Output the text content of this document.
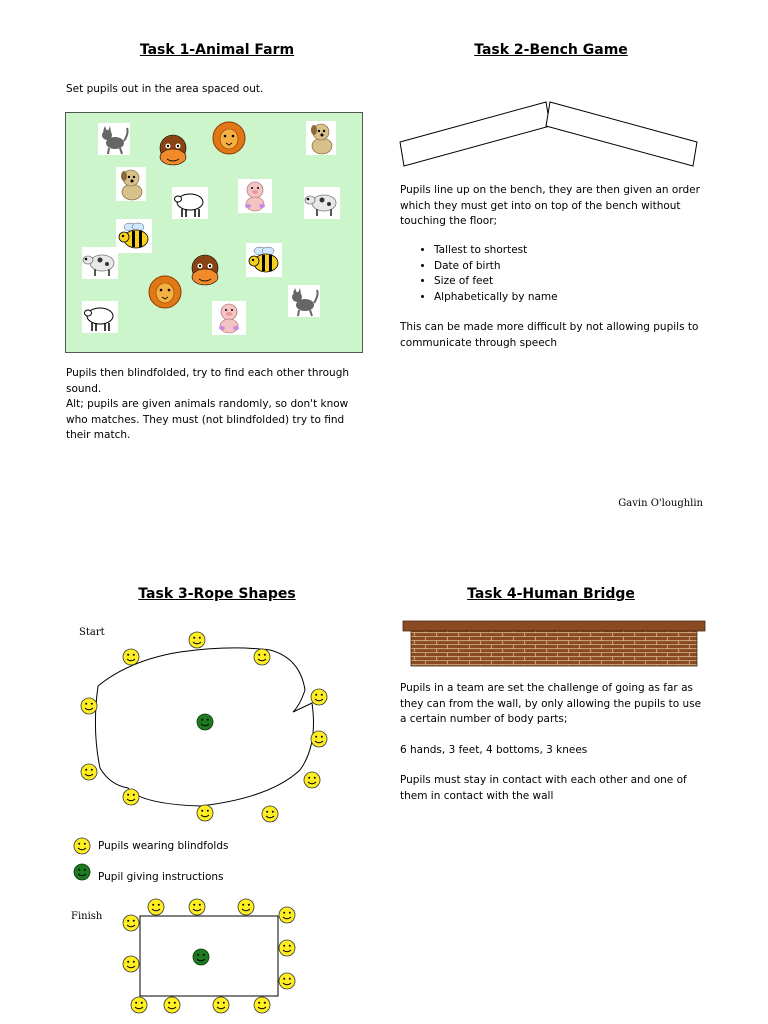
Task 1-Animal Farm
Set pupils out in the area spaced out.

Pupils then blindfolded, try to find each other through sound.

Alt; pupils are given animals randomly, so don't know who matches. They must (not blindfolded) try to find their match.

Task 2-Bench Game
Pupils line up on the bench, they are then given an order which they must get into on top of the bench without touching the floor;
• Tallest to shortest
• Date of birth
• Size of feet
• Alphabetically by name
This can be made more difficult by not allowing pupils to communicate through speech
Gavin O'loughlin
Task 3-Rope Shapes
Start
Pupils wearing blindfolds
Pupil giving instructions
Finish
Task 4-Human Bridge

Pupils in a team are set the challenge of going as far as they can from the wall, by only allowing the pupils to use a certain number of body parts;

6 hands, 3 feet, 4 bottoms, 3 knees

Pupils must stay in contact with each other and one of them in contact with the wall
